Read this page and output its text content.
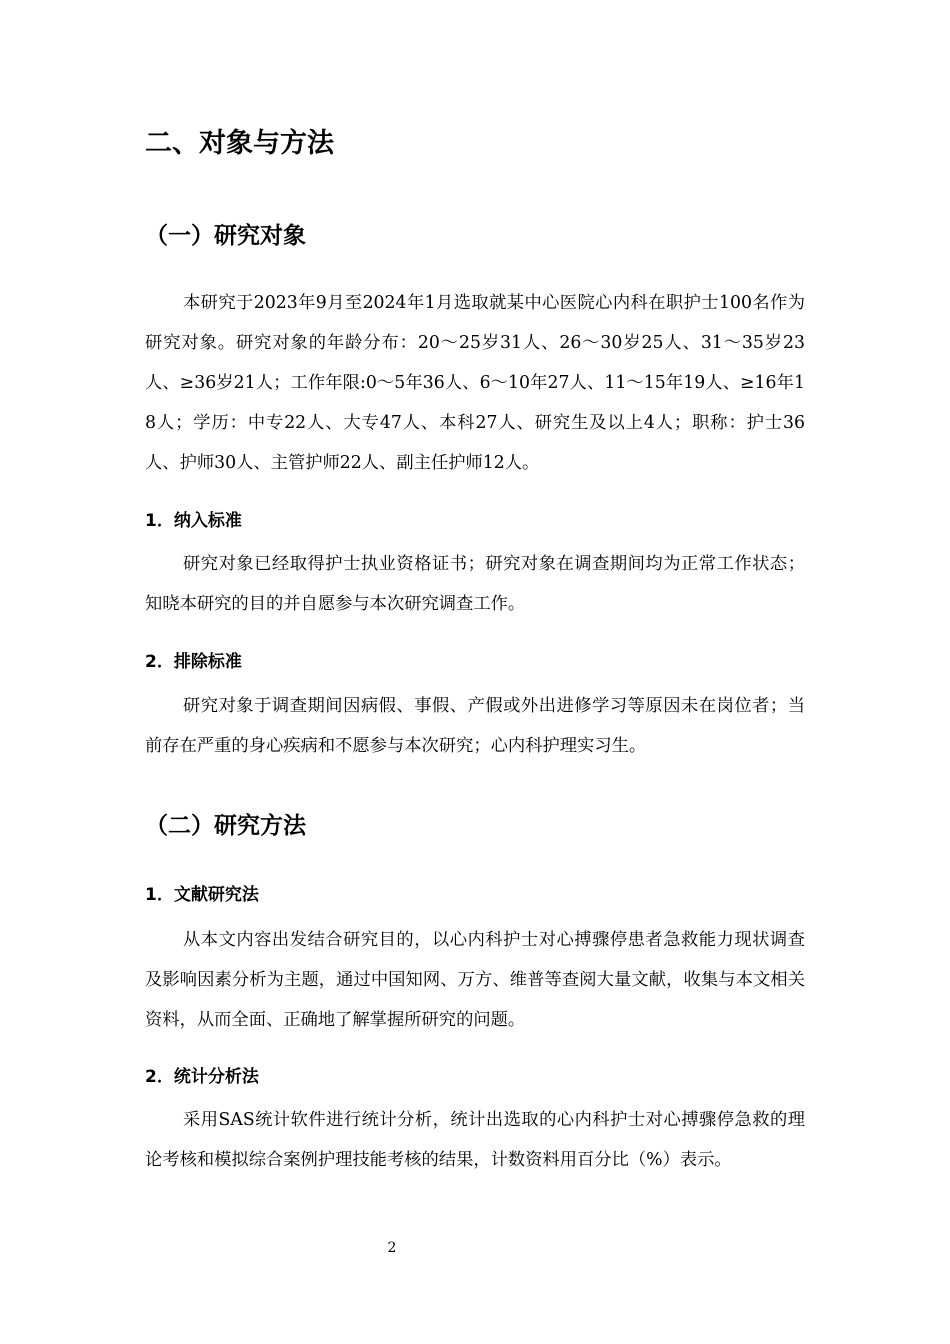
二、对象与方法
（一）研究对象
本研究于2023年9月至2024年1月选取就某中心医院心内科在职护士100名作为研究对象。研究对象的年龄分布：20～25岁31人、26～30岁25人、31～35岁23人、≥36岁21人；工作年限:0～5年36人、6～10年27人、11～15年19人、≥16年18人；学历：中专22人、大专47人、本科27人、研究生及以上4人；职称：护士36人、护师30人、主管护师22人、副主任护师12人。
1．纳入标准
研究对象已经取得护士执业资格证书；研究对象在调查期间均为正常工作状态；知晓本研究的目的并自愿参与本次研究调查工作。
2．排除标准
研究对象于调查期间因病假、事假、产假或外出进修学习等原因未在岗位者；当前存在严重的身心疾病和不愿参与本次研究；心内科护理实习生。
（二）研究方法
1．文献研究法
从本文内容出发结合研究目的，以心内科护士对心搏骤停患者急救能力现状调查及影响因素分析为主题，通过中国知网、万方、维普等查阅大量文献，收集与本文相关资料，从而全面、正确地了解掌握所研究的问题。
2．统计分析法
采用SAS统计软件进行统计分析，统计出选取的心内科护士对心搏骤停急救的理论考核和模拟综合案例护理技能考核的结果，计数资料用百分比（%）表示。
2
